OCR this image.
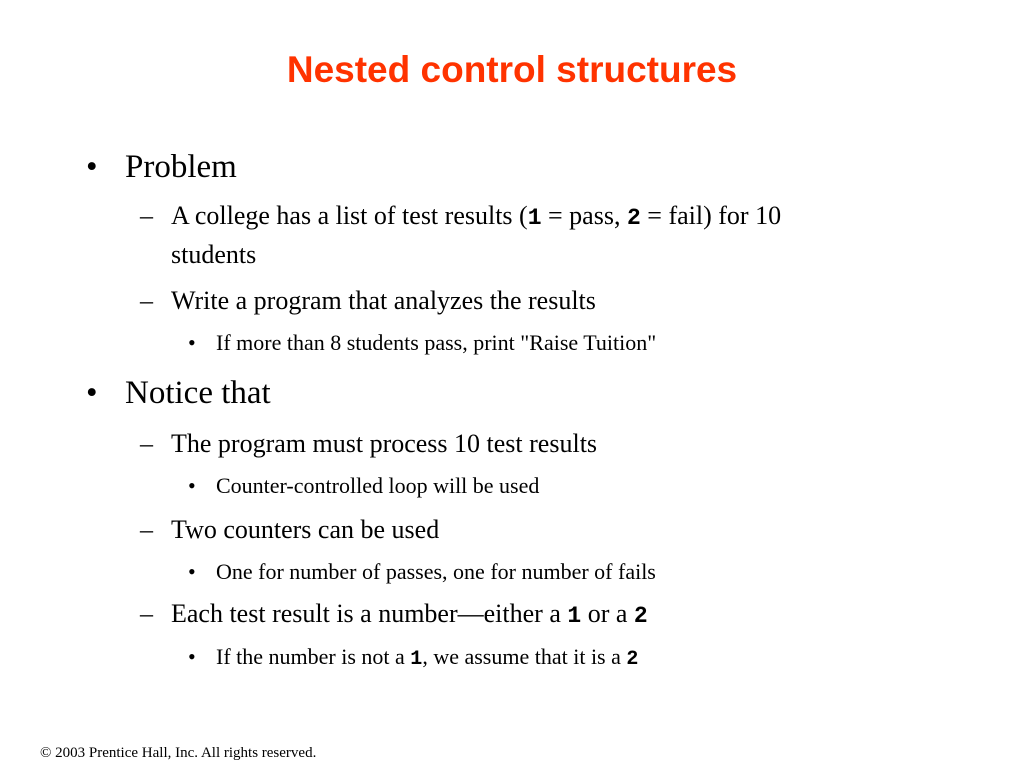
Nested control structures
• Problem
– A college has a list of test results (1 = pass, 2 = fail) for 10
students
– Write a program that analyzes the results
• If more than 8 students pass, print "Raise Tuition"
• Notice that
– The program must process 10 test results
• Counter-controlled loop will be used
– Two counters can be used
• One for number of passes, one for number of fails
– Each test result is a number—either a 1 or a 2
• If the number is not a 1, we assume that it is a 2
© 2003 Prentice Hall, Inc. All rights reserved.
